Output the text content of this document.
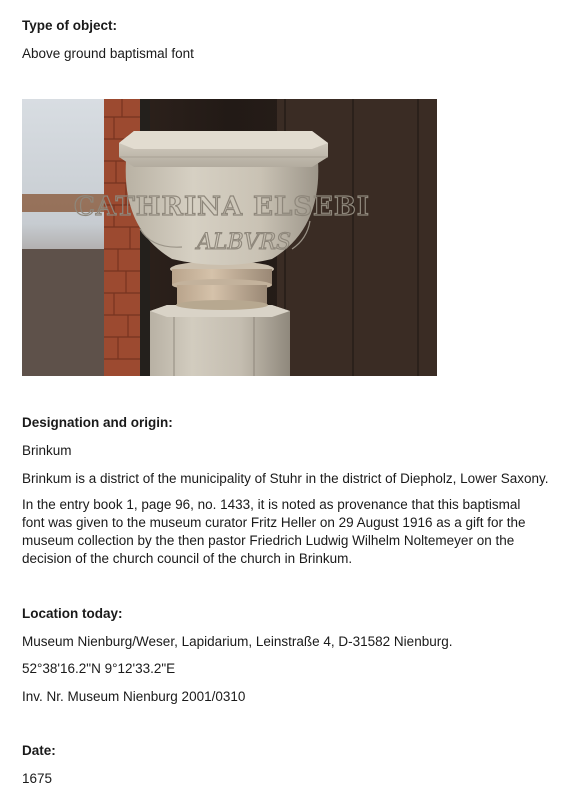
Type of object:

Above ground baptismal font

CATHRINA ELSEBI
ALBVRS

Designation and origin:

Brinkum

Brinkum is a district of the municipality of Stuhr in the district of Diepholz, Lower Saxony.

In the entry book 1, page 96, no. 1433, it is noted as provenance that this baptismal font was given to the museum curator Fritz Heller on 29 August 1916 as a gift for the museum collection by the then pastor Friedrich Ludwig Wilhelm Noltemeyer on the decision of the church council of the church in Brinkum.

Location today:

Museum Nienburg/Weser, Lapidarium, Leinstraße 4, D-31582 Nienburg.

52°38'16.2"N 9°12'33.2"E

Inv. Nr. Museum Nienburg 2001/0310

Date:

1675
